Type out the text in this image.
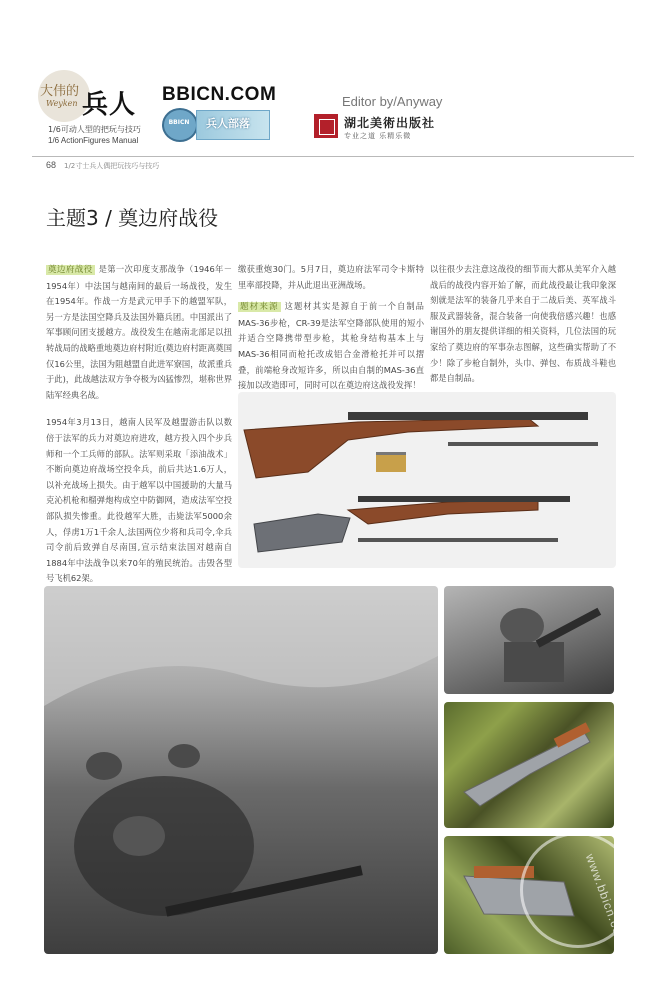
大伟的
Weyken 兵人
1/6可动人型的把玩与技巧
1/6 ActionFigures Manual
BBICN.COM
BBICN	兵人部落
Editor by/Anyway
湖北美術出版社
专业之道 乐精乐微
68 1/2寸士兵人偶把玩技巧与技巧
主题3 / 奠边府战役

奠边府战役 是第一次印度支那战争（1946年－1954年）中法国与越南间的最后一场战役，发生在1954年。作战一方是武元甲手下的越盟军队，另一方是法国空降兵及法国外籍兵团。中国派出了军事顾问团支援越方。战役发生在越南北部足以扭转战局的战略重地奠边府村附近(奠边府村距离奠国仅16公里，法国为阻越盟自此进军寮国，故派重兵于此)，此战越法双方争夺极为凶猛惨烈，堪称世界陆军经典名战。

1954年3月13日，越南人民军及越盟游击队以数倍于法军的兵力对奠边府进攻，越方投入四个步兵师和一个工兵师的部队。法军则采取「添油战术」不断向奠边府战场空投伞兵，前后共达1.6万人，以补充战场上损失。由于越军以中国援助的大量马克沁机枪和榴弹炮构成空中防御网，造成法军空投部队损失惨重。此役越军大胜，击毙法军5000余人，俘虏1万1千余人,法国两位少将和兵司令,伞兵司令前后致弹自尽南国,宣示结束法国对越南自1884年中法战争以来70年的殖民统治。击毁各型号飞机62架。

缴获重炮30门。5月7日，奠边府法军司令卡斯特里率部投降，并从此退出亚洲战场。

题材来源 这题材其实是源自于前一个自制品MAS-36步枪，CR-39是法军空降部队使用的短小并适合空降携带型步枪，其枪身结构基本上与MAS-36相同而枪托改成铝合金滑枪托并可以摺叠，前端枪身改短许多，所以由自制的MAS-36直接加以改造即可，同时可以在奠边府这战役发挥！

以往很少去注意这战役的细节而大都从美军介入越战后的战役内容开始了解，而此战役最让我印象深刻就是法军的装备几乎来自于二战后美、英军战斗服及武器装备，混合装备一向使我倍感兴趣！也感谢国外的朋友提供详细的相关资料，几位法国的玩家给了奠边府的军事杂志图解，这些确实帮助了不少！除了步枪自制外，头巾、弹包、布质战斗鞋也都是自制品。

www.bbicn.com
